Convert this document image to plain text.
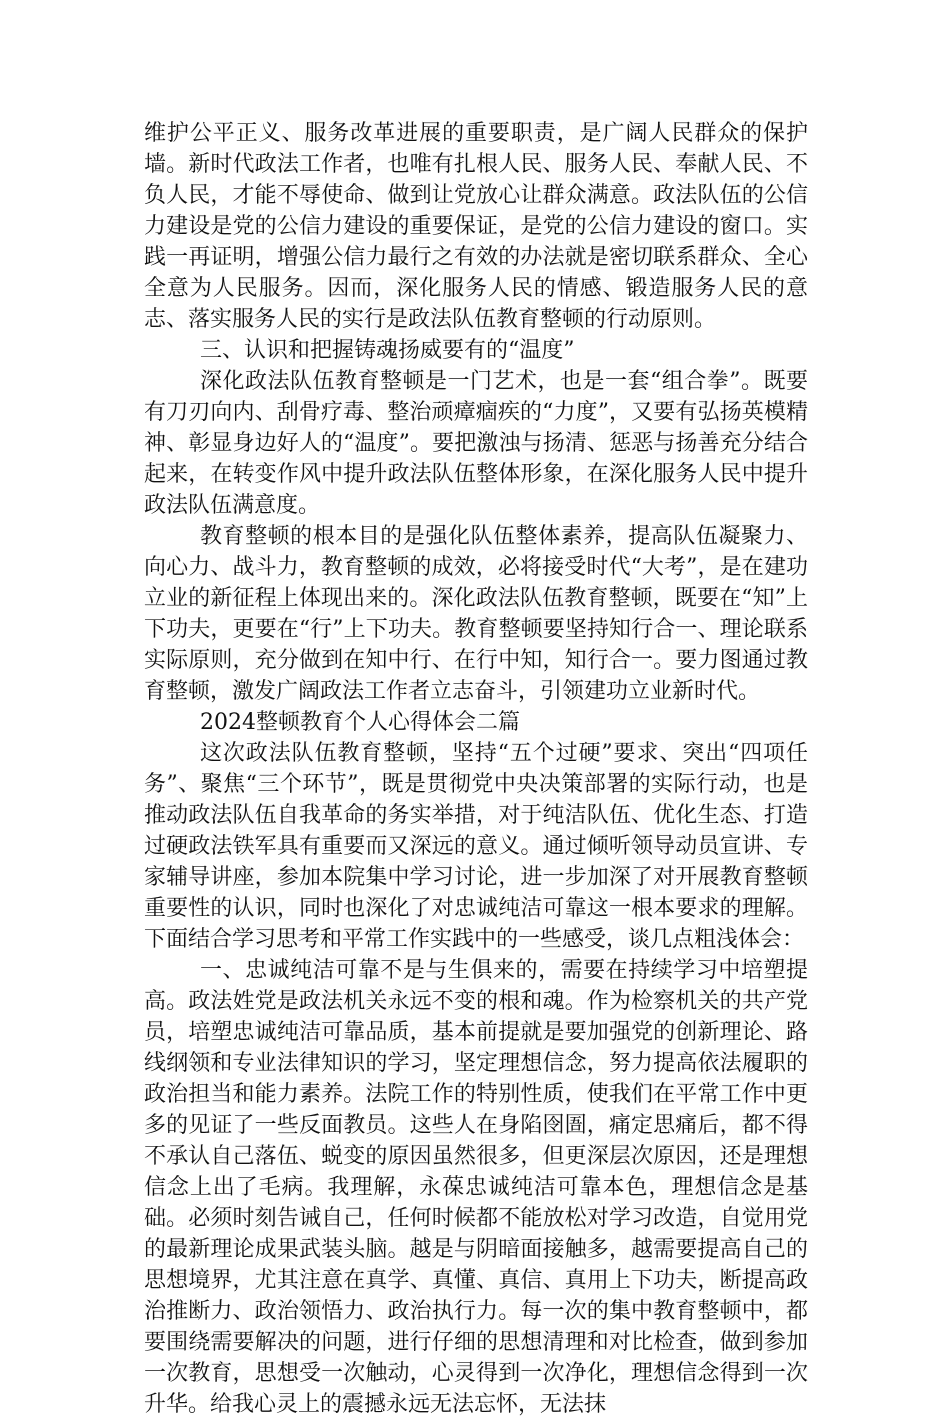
维护公平正义、服务改革进展的重要职责，是广阔人民群众的保护墙。新时代政法工作者，也唯有扎根人民、服务人民、奉献人民、不负人民，才能不辱使命、做到让党放心让群众满意。政法队伍的公信力建设是党的公信力建设的重要保证，是党的公信力建设的窗口。实践一再证明，增强公信力最行之有效的办法就是密切联系群众、全心全意为人民服务。因而，深化服务人民的情感、锻造服务人民的意志、落实服务人民的实行是政法队伍教育整顿的行动原则。

三、认识和把握铸魂扬威要有的“温度”

深化政法队伍教育整顿是一门艺术，也是一套“组合拳”。既要有刀刃向内、刮骨疗毒、整治顽瘴痼疾的“力度”，又要有弘扬英模精神、彰显身边好人的“温度”。要把激浊与扬清、惩恶与扬善充分结合起来，在转变作风中提升政法队伍整体形象，在深化服务人民中提升政法队伍满意度。

教育整顿的根本目的是强化队伍整体素养，提高队伍凝聚力、向心力、战斗力，教育整顿的成效，必将接受时代“大考”，是在建功立业的新征程上体现出来的。深化政法队伍教育整顿，既要在“知”上下功夫，更要在“行”上下功夫。教育整顿要坚持知行合一、理论联系实际原则，充分做到在知中行、在行中知，知行合一。要力图通过教育整顿，激发广阔政法工作者立志奋斗，引领建功立业新时代。

2024整顿教育个人心得体会二篇

这次政法队伍教育整顿，坚持“五个过硬”要求、突出“四项任务”、聚焦“三个环节”，既是贯彻党中央决策部署的实际行动，也是推动政法队伍自我革命的务实举措，对于纯洁队伍、优化生态、打造过硬政法铁军具有重要而又深远的意义。通过倾听领导动员宣讲、专家辅导讲座，参加本院集中学习讨论，进一步加深了对开展教育整顿重要性的认识，同时也深化了对忠诚纯洁可靠这一根本要求的理解。下面结合学习思考和平常工作实践中的一些感受，谈几点粗浅体会：

一、忠诚纯洁可靠不是与生俱来的，需要在持续学习中培塑提高。政法姓党是政法机关永远不变的根和魂。作为检察机关的共产党员，培塑忠诚纯洁可靠品质，基本前提就是要加强党的创新理论、路线纲领和专业法律知识的学习，坚定理想信念，努力提高依法履职的政治担当和能力素养。法院工作的特别性质，使我们在平常工作中更多的见证了一些反面教员。这些人在身陷囹圄，痛定思痛后，都不得不承认自己落伍、蜕变的原因虽然很多，但更深层次原因，还是理想信念上出了毛病。我理解，永葆忠诚纯洁可靠本色，理想信念是基础。必须时刻告诫自己，任何时候都不能放松对学习改造，自觉用党的最新理论成果武装头脑。越是与阴暗面接触多，越需要提高自己的思想境界，尤其注意在真学、真懂、真信、真用上下功夫，断提高政治推断力、政治领悟力、政治执行力。每一次的集中教育整顿中，都要围绕需要解决的问题，进行仔细的思想清理和对比检查，做到参加一次教育，思想受一次触动，心灵得到一次净化，理想信念得到一次升华。给我心灵上的震撼永远无法忘怀，无法抹
